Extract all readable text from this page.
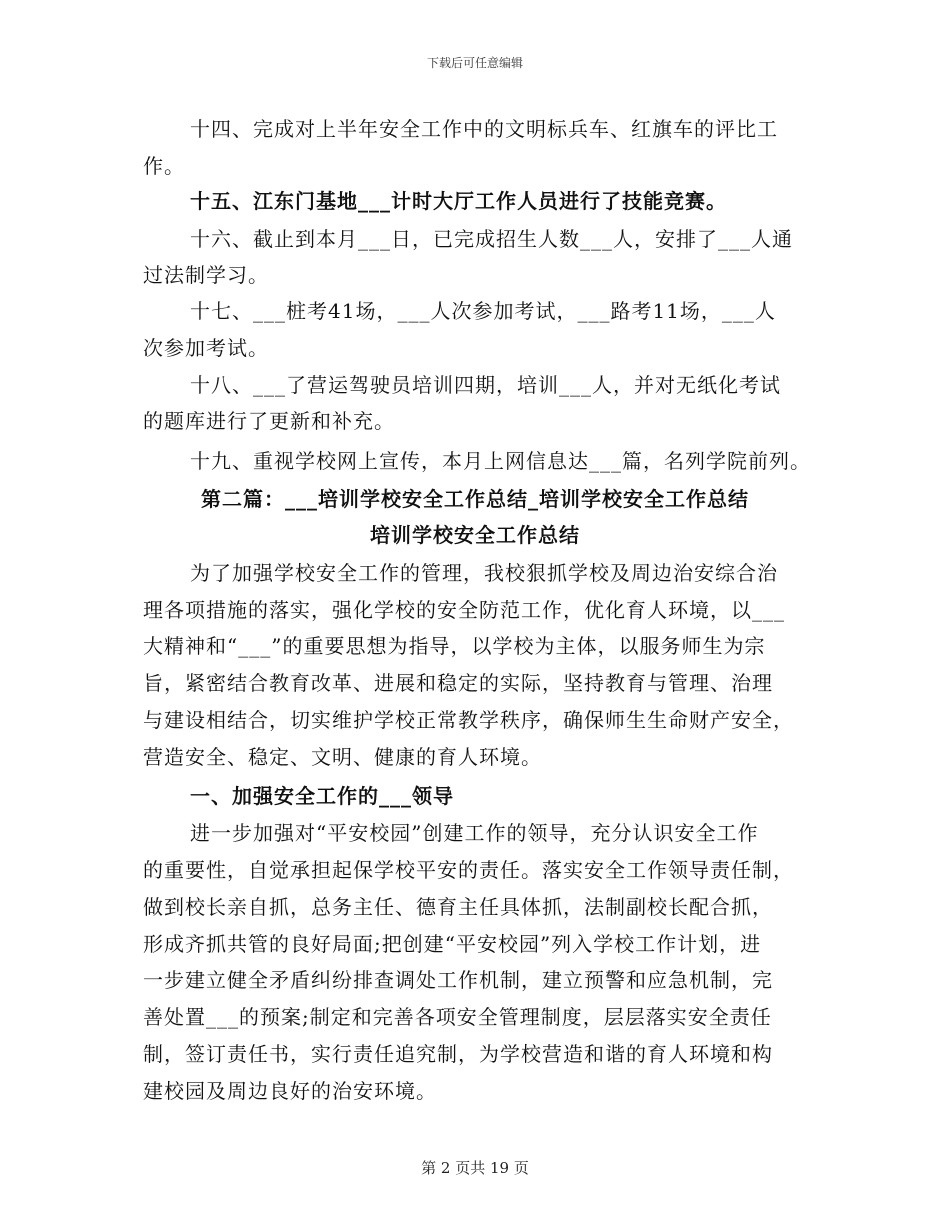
下载后可任意编辑
十四、完成对上半年安全工作中的文明标兵车、红旗车的评比工
作。
十五、江东门基地___计时大厅工作人员进行了技能竞赛。
十六、截止到本月___日，已完成招生人数___人，安排了___人通
过法制学习。
十七、___桩考41场，___人次参加考试，___路考11场，___人
次参加考试。
十八、___了营运驾驶员培训四期，培训___人，并对无纸化考试
的题库进行了更新和补充。
十九、重视学校网上宣传，本月上网信息达___篇，名列学院前列。
第二篇：___培训学校安全工作总结_培训学校安全工作总结
培训学校安全工作总结
为了加强学校安全工作的管理，我校狠抓学校及周边治安综合治
理各项措施的落实，强化学校的安全防范工作，优化育人环境，以___
大精神和“___”的重要思想为指导，以学校为主体，以服务师生为宗
旨，紧密结合教育改革、进展和稳定的实际，坚持教育与管理、治理
与建设相结合，切实维护学校正常教学秩序，确保师生生命财产安全，
营造安全、稳定、文明、健康的育人环境。
一、加强安全工作的___领导
进一步加强对“平安校园”创建工作的领导，充分认识安全工作
的重要性，自觉承担起保学校平安的责任。落实安全工作领导责任制，
做到校长亲自抓，总务主任、德育主任具体抓，法制副校长配合抓，
形成齐抓共管的良好局面;把创建“平安校园”列入学校工作计划，进
一步建立健全矛盾纠纷排查调处工作机制，建立预警和应急机制，完
善处置___的预案;制定和完善各项安全管理制度，层层落实安全责任
制，签订责任书，实行责任追究制，为学校营造和谐的育人环境和构
建校园及周边良好的治安环境。
第 2 页共 19 页
